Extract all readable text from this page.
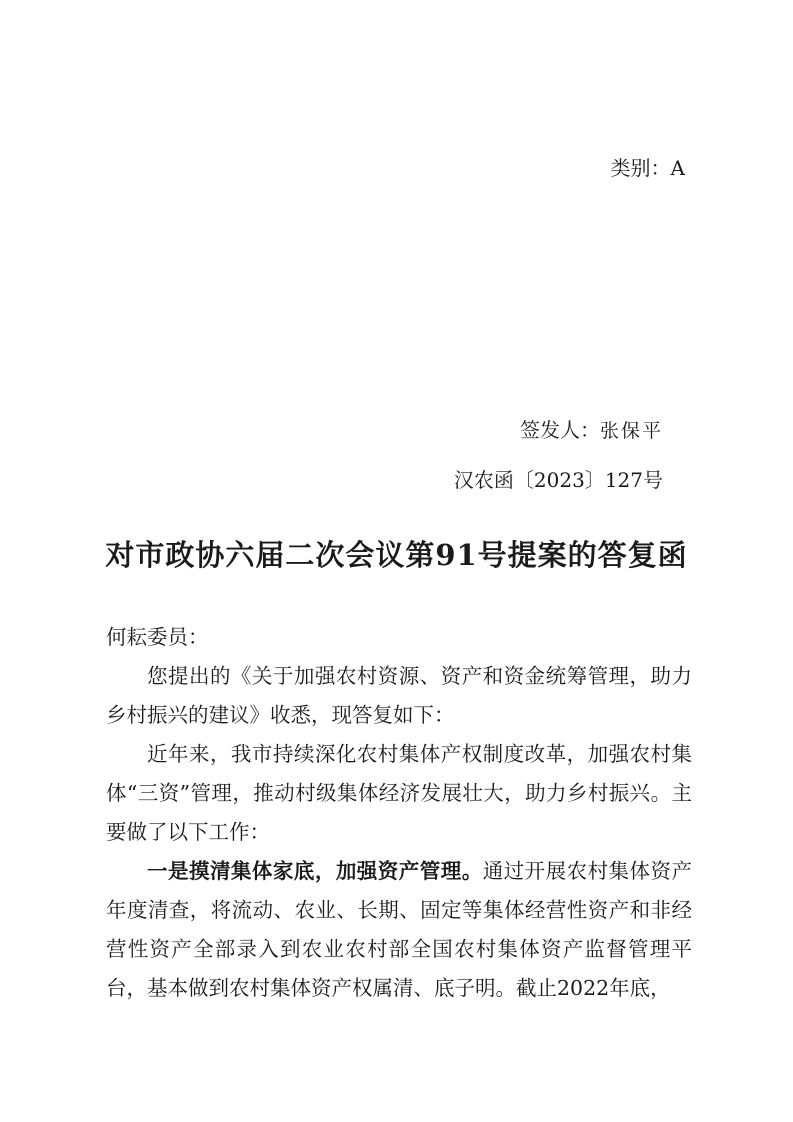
类别：A
签发人：张保平
汉农函〔2023〕127号
对市政协六届二次会议第91号提案的答复函

何耘委员：

您提出的《关于加强农村资源、资产和资金统筹管理，助力乡村振兴的建议》收悉，现答复如下：

近年来，我市持续深化农村集体产权制度改革，加强农村集体“三资”管理，推动村级集体经济发展壮大，助力乡村振兴。主要做了以下工作：

一是摸清集体家底，加强资产管理。通过开展农村集体资产年度清查，将流动、农业、长期、固定等集体经营性资产和非经营性资产全部录入到农业农村部全国农村集体资产监督管理平台，基本做到农村集体资产权属清、底子明。截止2022年底，
